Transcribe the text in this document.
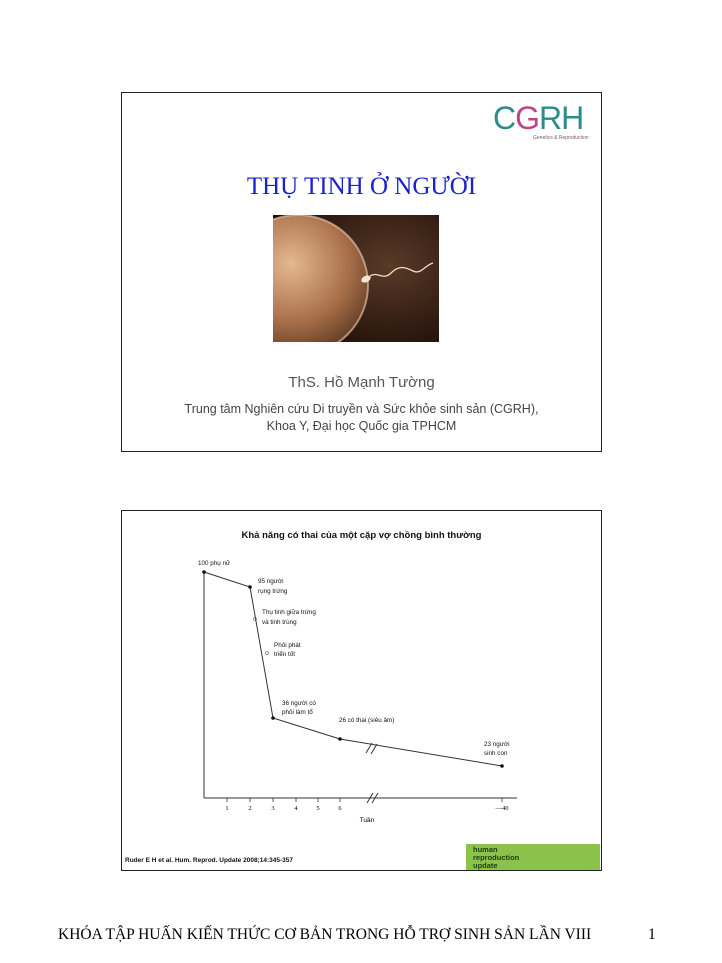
CGRH
Genetics & Reproduction
THỤ TINH Ở NGƯỜI
ThS. Hồ Mạnh Tường
Trung tâm Nghiên cứu Di truyền và Sức khỏe sinh sản (CGRH),
Khoa Y, Đại học Quốc gia TPHCM
Khả năng có thai của một cặp vợ chồng bình thường
1	2	3	4	5	6	—40
Tuần
100 phụ nữ
95 người
rụng trứng
Thụ tinh giữa trứng
và tinh trùng
Phôi phát
triển tốt
36 người có
phôi làm tổ
26 có thai (siêu âm)
23 người
sinh con
Ruder E H et al. Hum. Reprod. Update 2008;14:345-357
human
reproduction
update
KHÓA TẬP HUẤN KIẾN THỨC CƠ BẢN TRONG HỖ TRỢ SINH SẢN LẦN VIII	1
